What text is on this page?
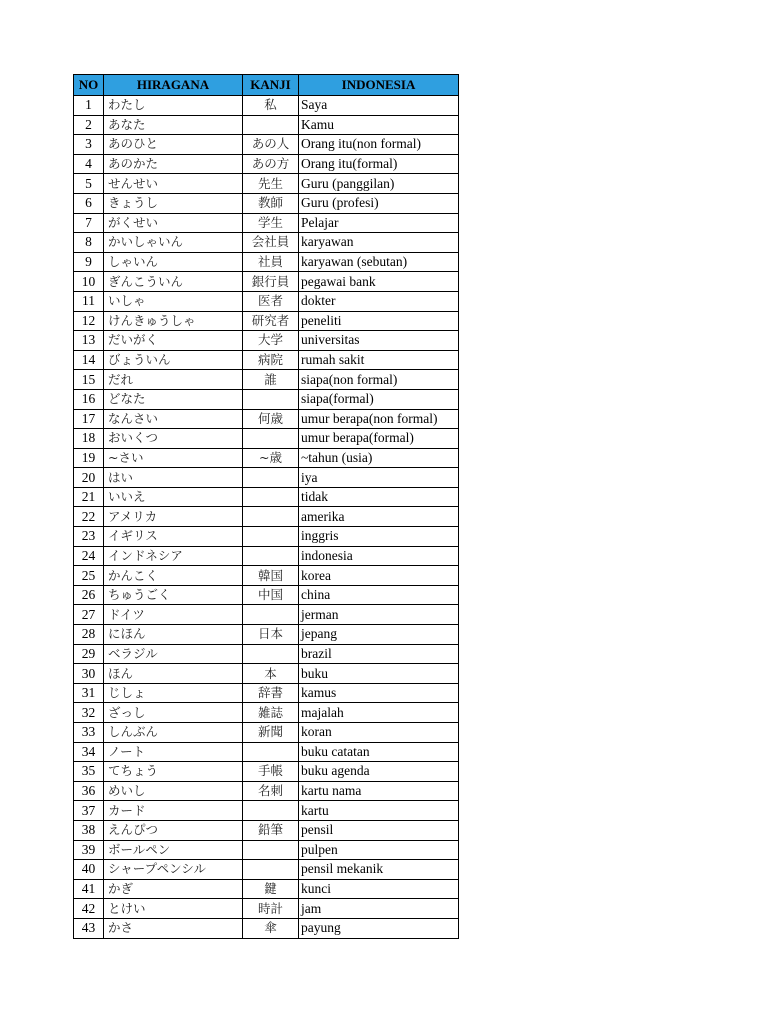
NO	HIRAGANA	KANJI	INDONESIA
1	わたし	私	Saya
2	あなた		Kamu
3	あのひと	あの人	Orang itu(non formal)
4	あのかた	あの方	Orang itu(formal)
5	せんせい	先生	Guru (panggilan)
6	きょうし	教師	Guru (profesi)
7	がくせい	学生	Pelajar
8	かいしゃいん	会社員	karyawan
9	しゃいん	社員	karyawan (sebutan)
10	ぎんこういん	銀行員	pegawai bank
11	いしゃ	医者	dokter
12	けんきゅうしゃ	研究者	peneliti
13	だいがく	大学	universitas
14	びょういん	病院	rumah sakit
15	だれ	誰	siapa(non formal)
16	どなた		siapa(formal)
17	なんさい	何歳	umur berapa(non formal)
18	おいくつ		umur berapa(formal)
19	~さい	~歳	~tahun (usia)
20	はい		iya
21	いいえ		tidak
22	アメリカ		amerika
23	イギリス		inggris
24	インドネシア		indonesia
25	かんこく	韓国	korea
26	ちゅうごく	中国	china
27	ドイツ		jerman
28	にほん	日本	jepang
29	ベラジル		brazil
30	ほん	本	buku
31	じしょ	辞書	kamus
32	ざっし	雑誌	majalah
33	しんぶん	新聞	koran
34	ノート		buku catatan
35	てちょう	手帳	buku agenda
36	めいし	名刺	kartu nama
37	カード		kartu
38	えんぴつ	鉛筆	pensil
39	ボールペン		pulpen
40	シャープペンシル		pensil mekanik
41	かぎ	鍵	kunci
42	とけい	時計	jam
43	かさ	傘	payung
